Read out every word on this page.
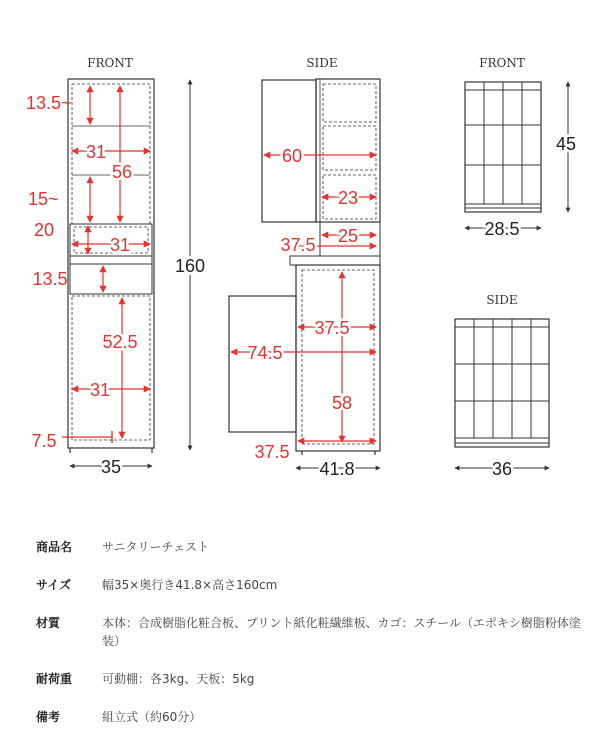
FRONT
13.5~
31
56
15~
20
31
13.5
52.5
31
7.5
35
160
SIDE
60
23
25
37.5
37.5
74.5
58
37.5
41.8
FRONT
45
28.5
SIDE
36
商品名	サニタリーチェスト
サイズ	幅35×奥行き41.8×高さ160cm
材質	本体：合成樹脂化粧合板、プリント紙化粧繊維板、カゴ：スチール（エポキシ樹脂粉体塗装）
耐荷重	可動棚：各3kg、天板：5kg
備考	組立式（約60分）
